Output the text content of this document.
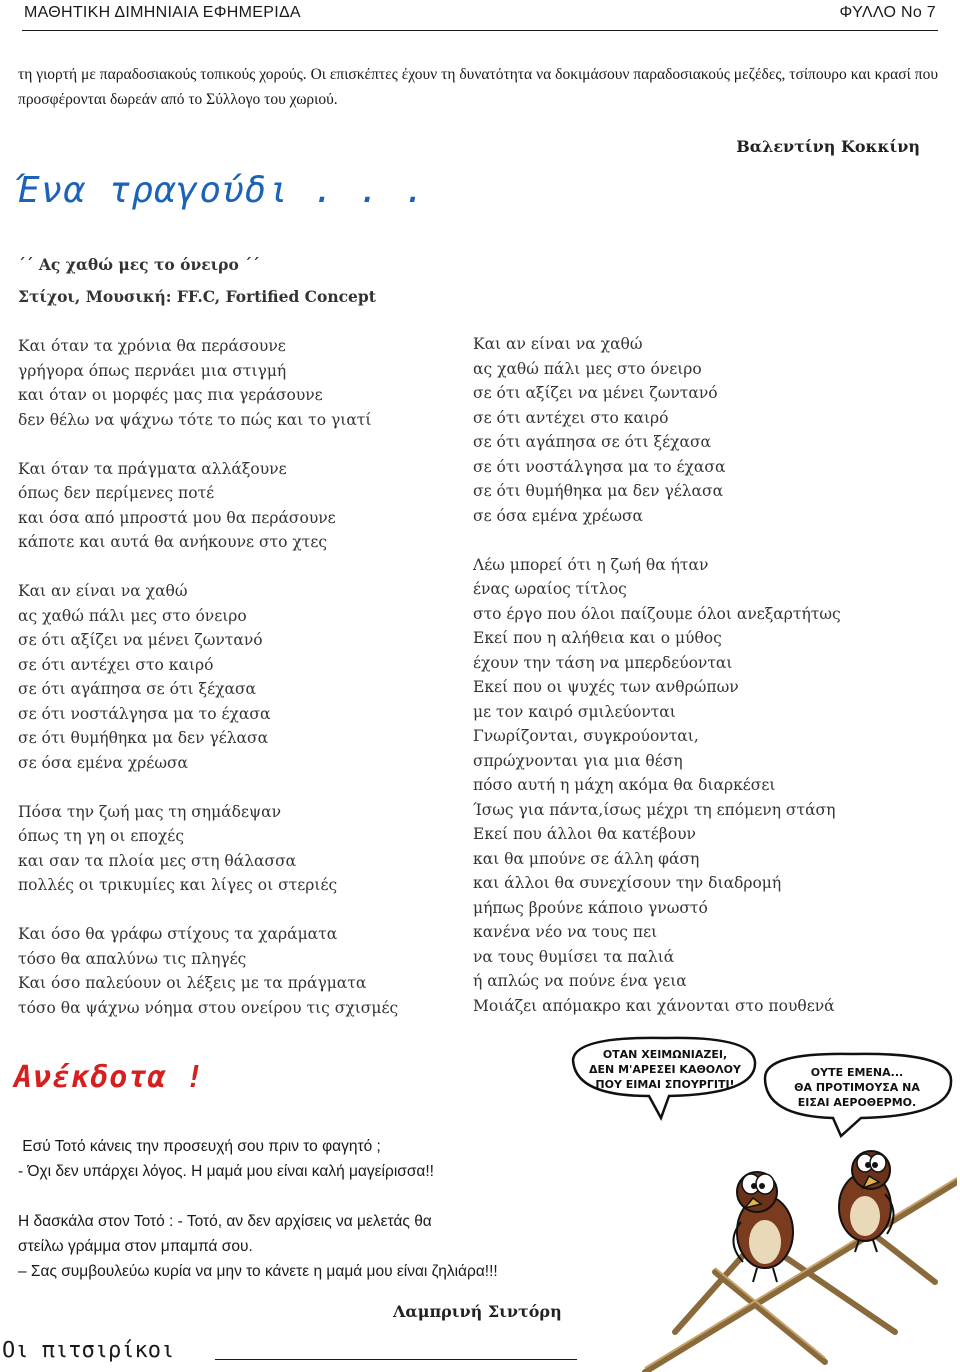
ΜΑΘΗΤΙΚΗ ΔΙΜΗΝΙΑΙΑ ΕΦΗΜΕΡΙΔΑ	ΦΥΛΛΟ Νο 7
τη γιορτή με παραδοσιακούς τοπικούς χορούς. Οι επισκέπτες έχουν τη δυνατότητα να δοκιμάσουν παραδοσιακούς μεζέδες, τσίπουρο και κρασί που προσφέρονται δωρεάν από το Σύλλογο του χωριού.
Βαλεντίνη Κοκκίνη
Ένα τραγούδι . . .
΄΄ Ας χαθώ μες το όνειρο ΄΄
Στίχοι, Μουσική: FF.C, Fortified Concept
Και όταν τα χρόνια θα περάσουνε
γρήγορα όπως περνάει μια στιγμή
και όταν οι μορφές μας πια γεράσουνε
δεν θέλω να ψάχνω τότε το πώς και το γιατί
Και όταν τα πράγματα αλλάξουνε
όπως δεν περίμενες ποτέ
και όσα από μπροστά μου θα περάσουνε
κάποτε και αυτά θα ανήκουνε στο χτες
Και αν είναι να χαθώ
ας χαθώ πάλι μες στο όνειρο
σε ότι αξίζει να μένει ζωντανό
σε ότι αντέχει στο καιρό
σε ότι αγάπησα σε ότι ξέχασα
σε ότι νοστάλγησα μα το έχασα
σε ότι θυμήθηκα μα δεν γέλασα
σε όσα εμένα χρέωσα
Πόσα την ζωή μας τη σημάδεψαν
όπως τη γη οι εποχές
και σαν τα πλοία μες στη θάλασσα
πολλές οι τρικυμίες και λίγες οι στεριές
Και όσο θα γράφω στίχους τα χαράματα
τόσο θα απαλύνω τις πληγές
Και όσο παλεύουν οι λέξεις με τα πράγματα
τόσο θα ψάχνω νόημα στου ονείρου τις σχισμές
Και αν είναι να χαθώ
ας χαθώ πάλι μες στο όνειρο
σε ότι αξίζει να μένει ζωντανό
σε ότι αντέχει στο καιρό
σε ότι αγάπησα σε ότι ξέχασα
σε ότι νοστάλγησα μα το έχασα
σε ότι θυμήθηκα μα δεν γέλασα
σε όσα εμένα χρέωσα
Λέω μπορεί ότι η ζωή θα ήταν
ένας ωραίος τίτλος
στο έργο που όλοι παίζουμε όλοι ανεξαρτήτως
Εκεί που η αλήθεια και ο μύθος
έχουν την τάση να μπερδεύονται
Εκεί που οι ψυχές των ανθρώπων
με τον καιρό σμιλεύονται
Γνωρίζονται, συγκρούονται,
σπρώχνονται για μια θέση
πόσο αυτή η μάχη ακόμα θα διαρκέσει
Ίσως για πάντα,ίσως μέχρι τη επόμενη στάση
Εκεί που άλλοι θα κατέβουν
και θα μπούνε σε άλλη φάση
και άλλοι θα συνεχίσουν την διαδρομή
μήπως βρούνε κάποιο γνωστό
κανένα νέο να τους πει
να τους θυμίσει τα παλιά
ή απλώς να πούνε ένα γεια
Μοιάζει απόμακρο και χάνονται στο πουθενά
Ανέκδοτα !
Εσύ Τοτό κάνεις την προσευχή σου πριν το φαγητό ;
- Όχι δεν υπάρχει λόγος. Η μαμά μου είναι καλή μαγείρισσα!!
Η δασκάλα στον Τοτό : - Τοτό, αν δεν αρχίσεις να μελετάς θα
στείλω γράμμα στον μπαμπά σου.
– Σας συμβουλεύω κυρία να μην το κάνετε η μαμά μου είναι ζηλιάρα!!!
Λαμπρινή Σιντόρη
ΟΤΑΝ ΧΕΙΜΩΝΙΑΖΕΙ,
ΔΕΝ Μ'ΑΡΕΣΕΙ ΚΑΘΟΛΟΥ
ΠΟΥ ΕΙΜΑΙ ΣΠΟΥΡΓΙΤΙ!
ΟΥΤΕ ΕΜΕΝΑ...
ΘΑ ΠΡΟΤΙΜΟΥΣΑ ΝΑ
ΕΙΣΑΙ ΑΕΡΟΘΕΡΜΟ.
Οι πιτσιρίκοι
